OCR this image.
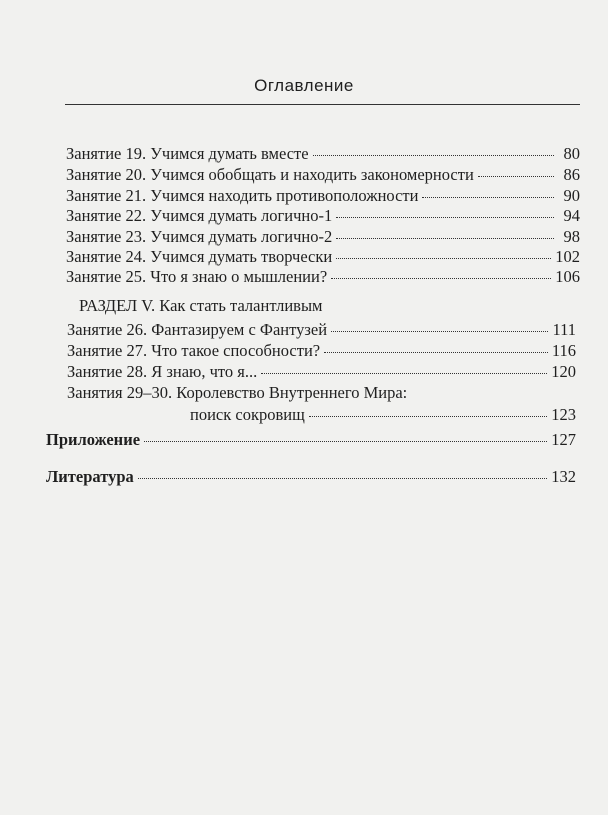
Оглавление
Занятие 19. Учимся думать вместе	80
Занятие 20. Учимся обобщать и находить закономерности	86
Занятие 21. Учимся находить противоположности	90
Занятие 22. Учимся думать логично-1	94
Занятие 23. Учимся думать логично-2	98
Занятие 24. Учимся думать творчески	102
Занятие 25. Что я знаю о мышлении?	106
РАЗДЕЛ V. Как стать талантливым
Занятие 26. Фантазируем с Фантузей	111
Занятие 27. Что такое способности?	116
Занятие 28. Я знаю, что я...	120
Занятия 29–30. Королевство Внутреннего Мира:
поиск сокровищ	123
Приложение	127
Литература	132
